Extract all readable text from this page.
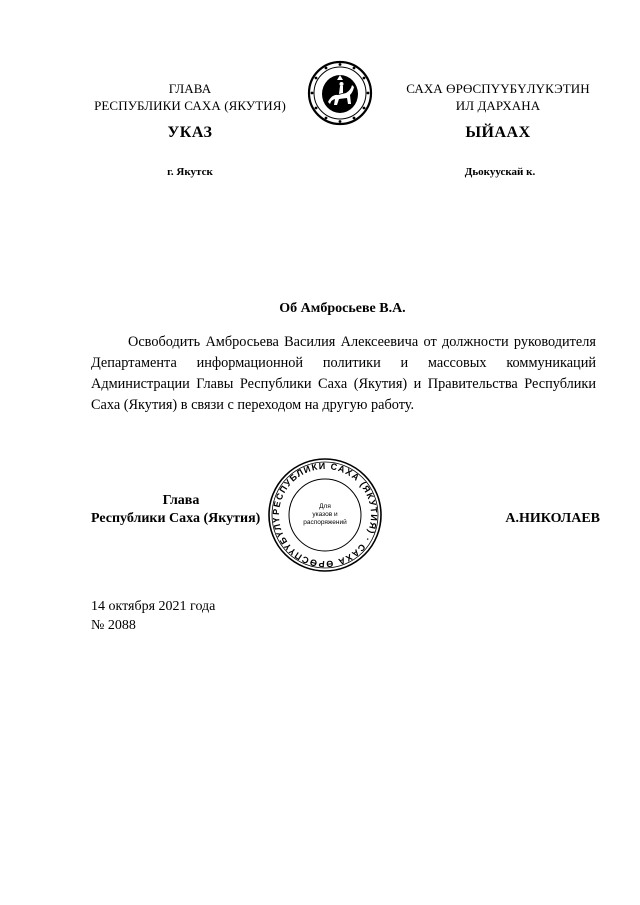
ГЛАВА
РЕСПУБЛИКИ САХА (ЯКУТИЯ)
САХА ӨРӨСПҮҮБҮЛҮКЭТИН
ИЛ ДАРХАНА
УКАЗ	ЫЙААХ
г. Якутск	Дьокуускай к.
Об Амбросьеве В.А.
Освободить Амбросьева Василия Алексеевича от должности руководителя Департамента информационной политики и массовых коммуникаций Администрации Главы Республики Саха (Якутия) и Правительства Республики Саха (Якутия) в связи с переходом на другую работу.
РЕСПУБЛИКИ САХА (ЯКУТИЯ) · САХА ӨРӨСПҮҮБҮЛҮ
Для
указов и
распоряжений
Глава
Республики Саха (Якутия)	А.НИКОЛАЕВ
14 октября 2021 года
№ 2088
